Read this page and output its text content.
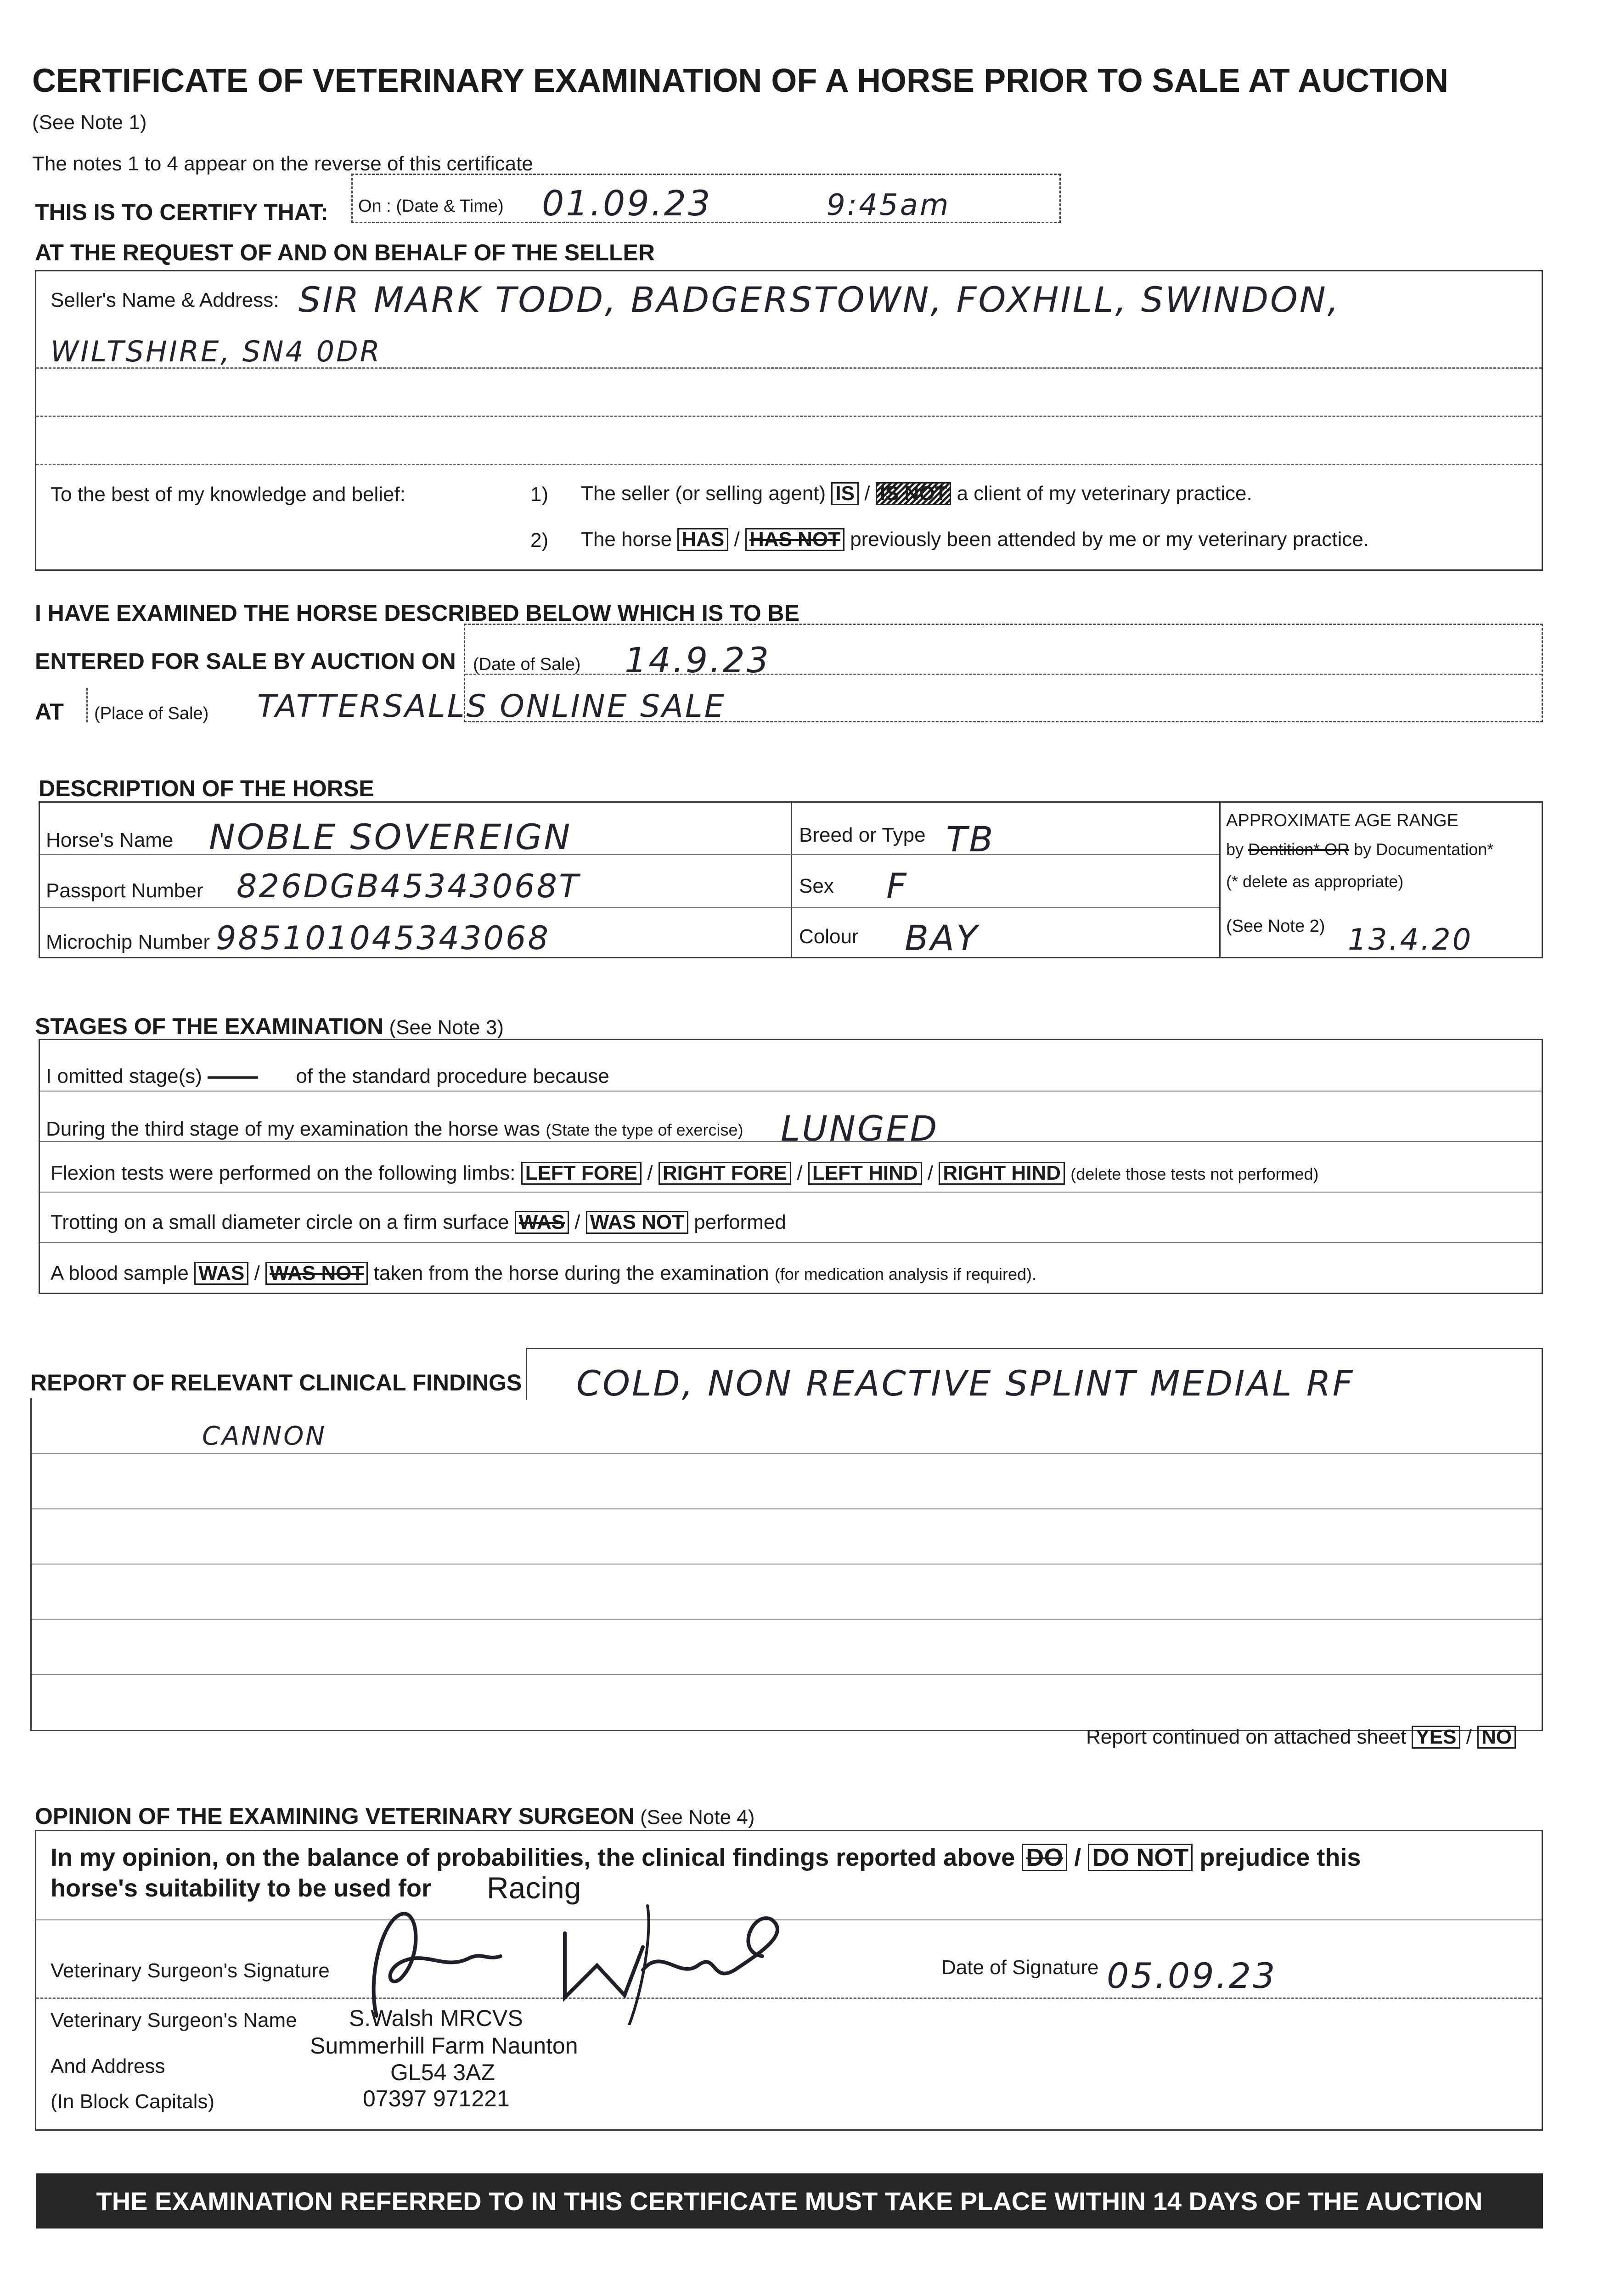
CERTIFICATE OF VETERINARY EXAMINATION OF A HORSE PRIOR TO SALE AT AUCTION
(See Note 1)
The notes 1 to 4 appear on the reverse of this certificate
THIS IS TO CERTIFY THAT: On : (Date & Time) 01.09.23	9:45am
AT THE REQUEST OF AND ON BEHALF OF THE SELLER
Seller's Name & Address: SIR MARK TODD, BADGERSTOWN, FOXHILL, SWINDON,
WILTSHIRE, SN4 0DR
To the best of my knowledge and belief:	1) The seller (or selling agent) IS / IS NOT a client of my veterinary practice.
2) The horse HAS / HAS NOT previously been attended by me or my veterinary practice.
I HAVE EXAMINED THE HORSE DESCRIBED BELOW WHICH IS TO BE
ENTERED FOR SALE BY AUCTION ON (Date of Sale) 14.9.23
AT (Place of Sale) TATTERSALLS ONLINE SALE
DESCRIPTION OF THE HORSE
Horse's Name NOBLE SOVEREIGN
Passport Number 826DGB45343068T
Microchip Number 985101045343068
Breed or Type TB
Sex F
Colour BAY
APPROXIMATE AGE RANGE
by Dentition* OR by Documentation*
(* delete as appropriate)
(See Note 2) 13.4.20
STAGES OF THE EXAMINATION (See Note 3)
I omitted stage(s)	of the standard procedure because
During the third stage of my examination the horse was (State the type of exercise) LUNGED
Flexion tests were performed on the following limbs: LEFT FORE / RIGHT FORE / LEFT HIND / RIGHT HIND (delete those tests not performed)
Trotting on a small diameter circle on a firm surface WAS / WAS NOT performed
A blood sample WAS / WAS NOT taken from the horse during the examination (for medication analysis if required).
REPORT OF RELEVANT CLINICAL FINDINGS COLD, NON REACTIVE SPLINT MEDIAL RF
CANNON
Report continued on attached sheet YES / NO
OPINION OF THE EXAMINING VETERINARY SURGEON (See Note 4)
In my opinion, on the balance of probabilities, the clinical findings reported above DO / DO NOT prejudice this
horse's suitability to be used for Racing
Veterinary Surgeon's Signature	Date of Signature 05.09.23
Veterinary Surgeon's Name
And Address
(In Block Capitals)
S.Walsh MRCVS
Summerhill Farm Naunton
GL54 3AZ
07397 971221
THE EXAMINATION REFERRED TO IN THIS CERTIFICATE MUST TAKE PLACE WITHIN 14 DAYS OF THE AUCTION
